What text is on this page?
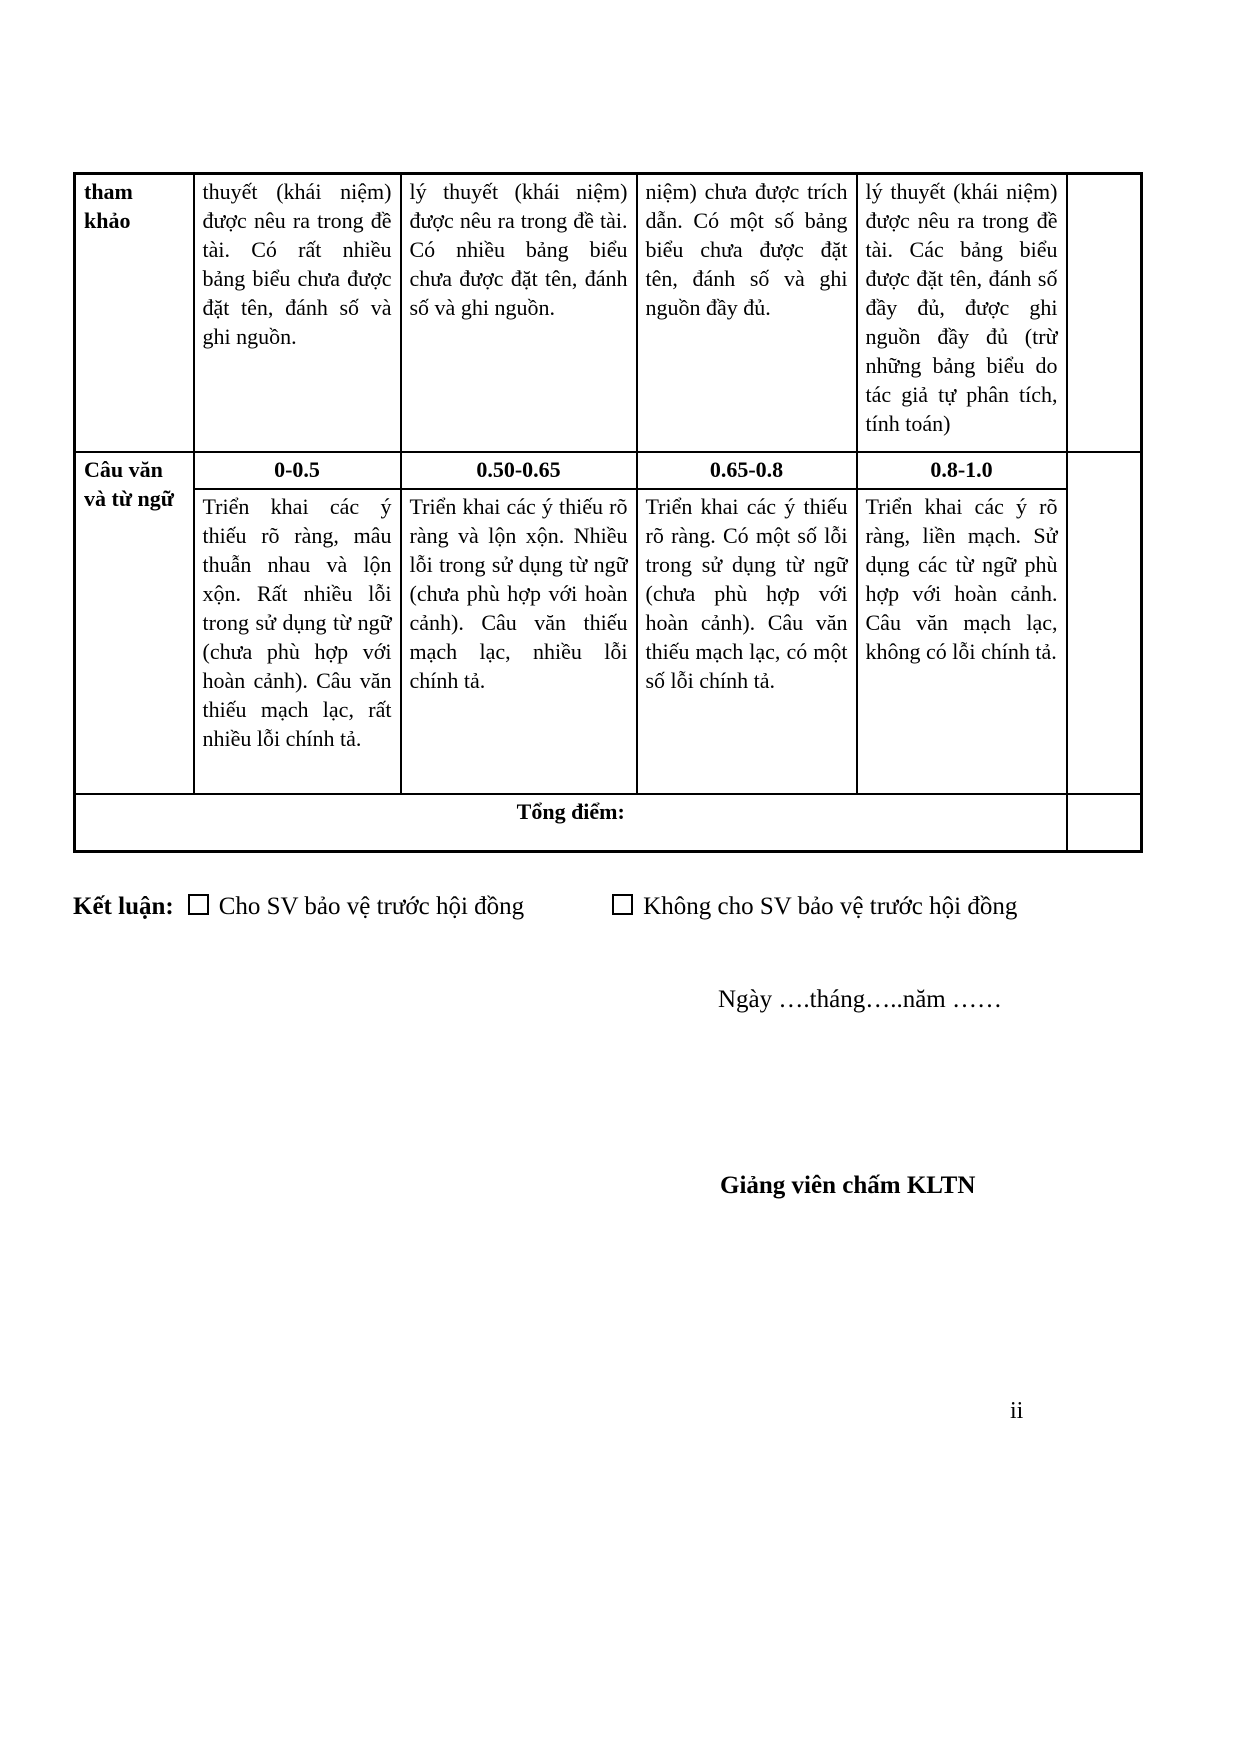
tham khảo	thuyết (khái niệm) được nêu ra trong đề tài. Có rất nhiều bảng biểu chưa được đặt tên, đánh số và ghi nguồn.	lý thuyết (khái niệm) được nêu ra trong đề tài. Có nhiều bảng biểu chưa được đặt tên, đánh số và ghi nguồn.	niệm) chưa được trích dẫn. Có một số bảng biểu chưa được đặt tên, đánh số và ghi nguồn đầy đủ.	lý thuyết (khái niệm) được nêu ra trong đề tài. Các bảng biểu được đặt tên, đánh số đầy đủ, được ghi nguồn đầy đủ (trừ những bảng biểu do tác giả tự phân tích, tính toán)	
Câu văn và từ ngữ	0-0.5	0.50-0.65	0.65-0.8	0.8-1.0	
	Triển khai các ý thiếu rõ ràng, mâu thuẫn nhau và lộn xộn. Rất nhiều lỗi trong sử dụng từ ngữ (chưa phù hợp với hoàn cảnh). Câu văn thiếu mạch lạc, rất nhiều lỗi chính tả.	Triển khai các ý thiếu rõ ràng và lộn xộn. Nhiều lỗi trong sử dụng từ ngữ (chưa phù hợp với hoàn cảnh). Câu văn thiếu mạch lạc, nhiều lỗi chính tả.	Triển khai các ý thiếu rõ ràng. Có một số lỗi trong sử dụng từ ngữ (chưa phù hợp với hoàn cảnh). Câu văn thiếu mạch lạc, có một số lỗi chính tả.	Triển khai các ý rõ ràng, liền mạch. Sử dụng các từ ngữ phù hợp với hoàn cảnh. Câu văn mạch lạc, không có lỗi chính tả.	
Tổng điểm:					
Kết luận: Cho SV bảo vệ trước hội đồng	Không cho SV bảo vệ trước hội đồng
Ngày ….tháng…..năm ……
Giảng viên chấm KLTN
ii
